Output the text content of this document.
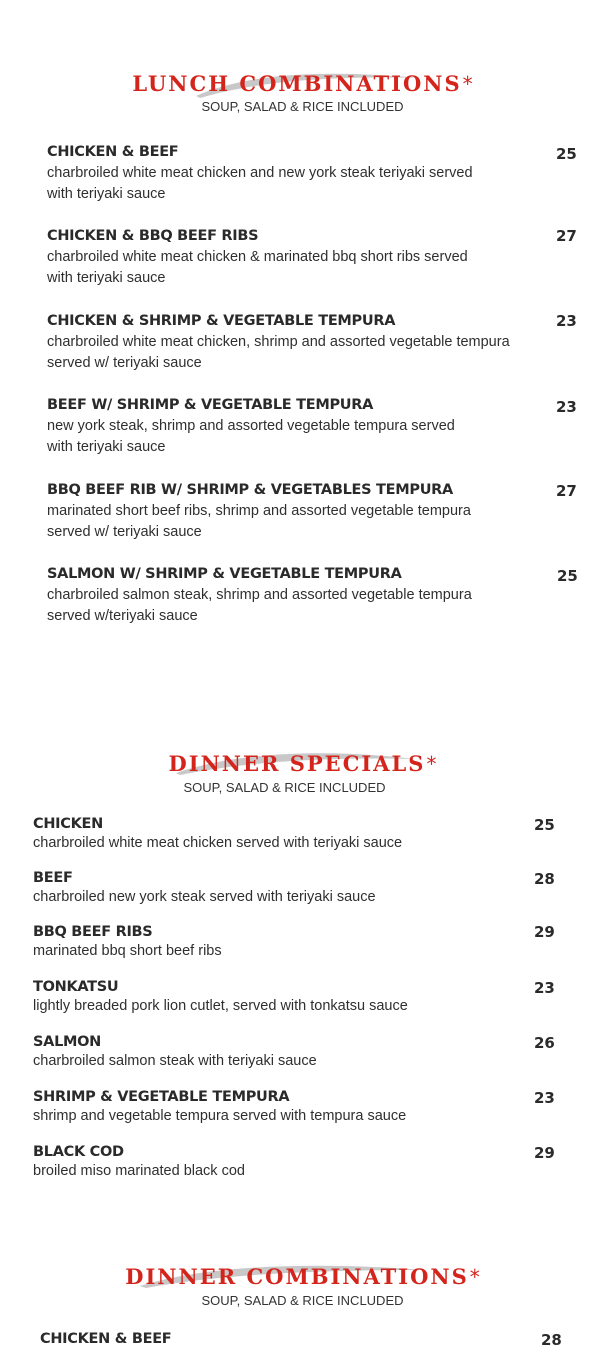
LUNCH COMBINATIONS*
SOUP, SALAD & RICE INCLUDED
CHICKEN & BEEF
charbroiled white meat chicken and new york steak teriyaki served
with teriyaki sauce
25
CHICKEN & BBQ BEEF RIBS
charbroiled white meat chicken & marinated bbq short ribs served
with teriyaki sauce
27
CHICKEN & SHRIMP & VEGETABLE TEMPURA
charbroiled white meat chicken, shrimp and assorted vegetable tempura
served w/ teriyaki sauce
23
BEEF W/ SHRIMP & VEGETABLE TEMPURA
new york steak, shrimp and assorted vegetable tempura served
with teriyaki sauce
23
BBQ BEEF RIB W/ SHRIMP & VEGETABLES TEMPURA
marinated short beef ribs, shrimp and assorted vegetable tempura
served w/ teriyaki sauce
27
SALMON W/ SHRIMP & VEGETABLE TEMPURA
charbroiled salmon steak, shrimp and assorted vegetable tempura
served w/teriyaki sauce
25
DINNER SPECIALS*
SOUP, SALAD & RICE INCLUDED
CHICKEN
charbroiled white meat chicken served with teriyaki sauce
25
BEEF
charbroiled new york steak served with teriyaki sauce
28
BBQ BEEF RIBS
marinated bbq short beef ribs
29
TONKATSU
lightly breaded pork lion cutlet, served with tonkatsu sauce
23
SALMON
charbroiled salmon steak with teriyaki sauce
26
SHRIMP & VEGETABLE TEMPURA
shrimp and vegetable tempura served with tempura sauce
23
BLACK COD
broiled miso marinated black cod
29
DINNER COMBINATIONS*
SOUP, SALAD & RICE INCLUDED
CHICKEN & BEEF	28
